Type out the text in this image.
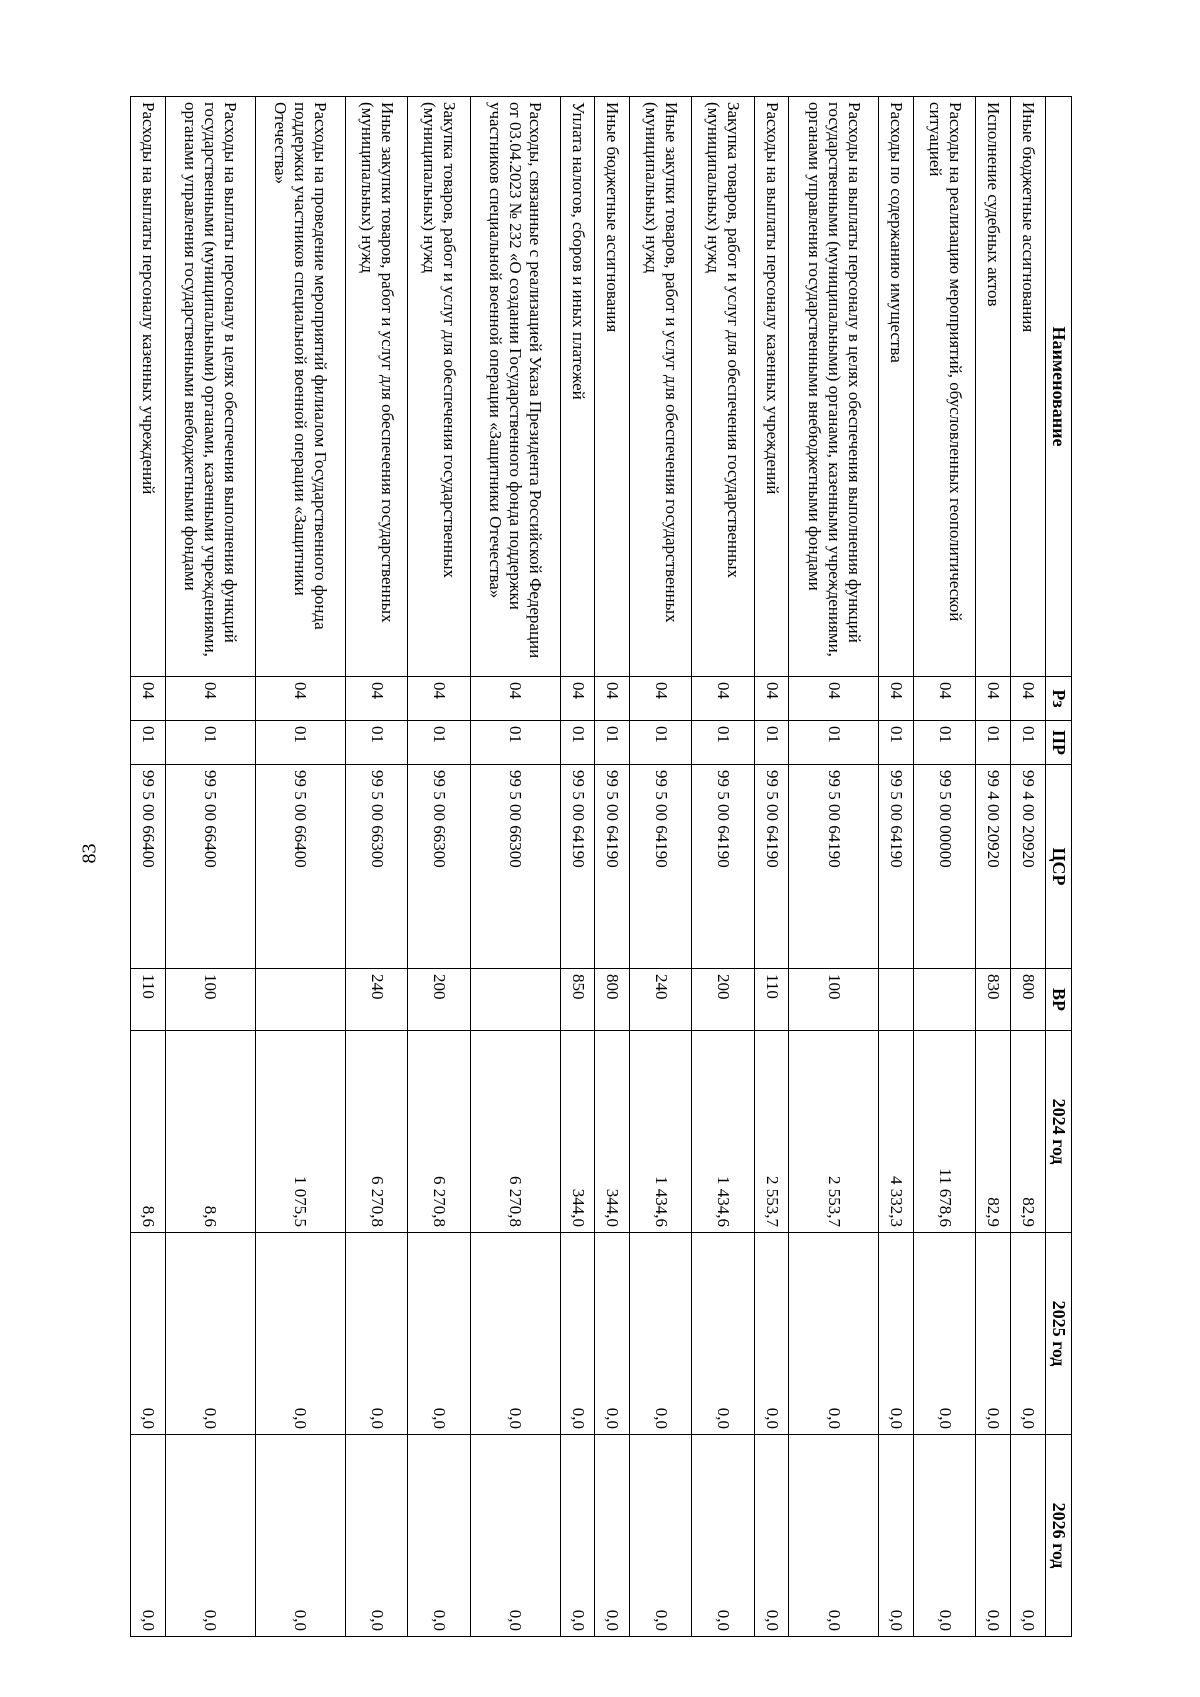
83
Наименование	Рз	ПР	ЦСР	ВР	2024 год	2025 год	2026 год
Иные бюджетные ассигнования	04	01	99 4 00 20920	800	82,9	0,0	0,0
Исполнение судебных актов	04	01	99 4 00 20920	830	82,9	0,0	0,0
Расходы на реализацию мероприятий, обусловленных геополитической ситуацией	04	01	99 5 00 00000		11 678,6	0,0	0,0
Расходы по содержанию имущества	04	01	99 5 00 64190		4 332,3	0,0	0,0
Расходы на выплаты персоналу в целях обеспечения выполнения функций государственными (муниципальными) органами, казенными учреждениями, органами управления государственными внебюджетными фондами	04	01	99 5 00 64190	100	2 553,7	0,0	0,0
Расходы на выплаты персоналу казенных учреждений	04	01	99 5 00 64190	110	2 553,7	0,0	0,0
Закупка товаров, работ и услуг для обеспечения государственных (муниципальных) нужд	04	01	99 5 00 64190	200	1 434,6	0,0	0,0
Иные закупки товаров, работ и услуг для обеспечения государственных (муниципальных) нужд	04	01	99 5 00 64190	240	1 434,6	0,0	0,0
Иные бюджетные ассигнования	04	01	99 5 00 64190	800	344,0	0,0	0,0
Уплата налогов, сборов и иных платежей	04	01	99 5 00 64190	850	344,0	0,0	0,0
Расходы, связанные с реализацией Указа Президента Российской Федерации от 03.04.2023 № 232 «О создании Государственного фонда поддержки участников специальной военной операции «Защитники Отечества»	04	01	99 5 00 66300		6 270,8	0,0	0,0
Закупка товаров, работ и услуг для обеспечения государственных (муниципальных) нужд	04	01	99 5 00 66300	200	6 270,8	0,0	0,0
Иные закупки товаров, работ и услуг для обеспечения государственных (муниципальных) нужд	04	01	99 5 00 66300	240	6 270,8	0,0	0,0
Расходы на проведение мероприятий филиалом Государственного фонда поддержки участников специальной военной операции «Защитники Отечества»	04	01	99 5 00 66400		1 075,5	0,0	0,0
Расходы на выплаты персоналу в целях обеспечения выполнения функций государственными (муниципальными) органами, казенными учреждениями, органами управления государственными внебюджетными фондами	04	01	99 5 00 66400	100	8,6	0,0	0,0
Расходы на выплаты персоналу казенных учреждений	04	01	99 5 00 66400	110	8,6	0,0	0,0
